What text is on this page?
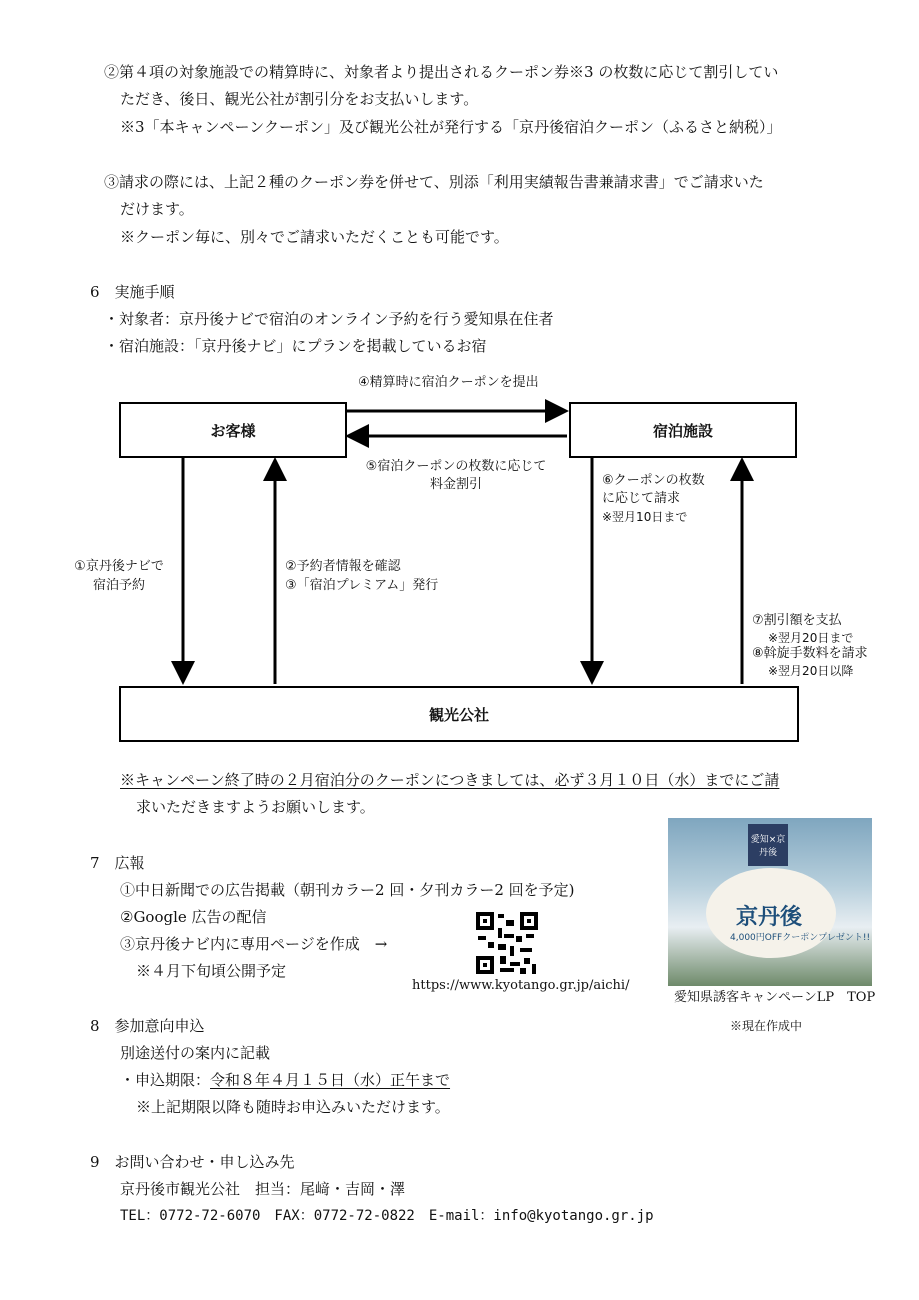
②第４項の対象施設での精算時に、対象者より提出されるクーポン券※3 の枚数に応じて割引してい
ただき、後日、観光公社が割引分をお支払いします。
※3「本キャンペーンクーポン」及び観光公社が発行する「京丹後宿泊クーポン（ふるさと納税）」
③請求の際には、上記２種のクーポン券を併せて、別添「利用実績報告書兼請求書」でご請求いた
だけます。
※クーポン毎に、別々でご請求いただくことも可能です。
6　実施手順
・対象者：京丹後ナビで宿泊のオンライン予約を行う愛知県在住者
・宿泊施設：「京丹後ナビ」にプランを掲載しているお宿
お客様	宿泊施設
観光公社
④精算時に宿泊クーポンを提出
⑤宿泊クーポンの枚数に応じて
料金割引
①京丹後ナビで
宿泊予約
②予約者情報を確認
③「宿泊プレミアム」発行
⑥クーポンの枚数
に応じて請求
※翌月10日まで
⑦割引額を支払
※翌月20日まで
⑧斡旋手数料を請求
※翌月20日以降
※キャンペーン終了時の２月宿泊分のクーポンにつきましては、必ず３月１０日（水）までにご請
求いただきますようお願いします。
7　広報
①中日新聞での広告掲載（朝刊カラー2 回・夕刊カラー2 回を予定)
②Google 広告の配信
③京丹後ナビ内に専用ページを作成　→
※４月下旬頃公開予定
https://www.kyotango.gr.jp/aichi/
愛知×京丹後
京丹後
4,000円OFFクーポンプレゼント!!
愛知県誘客キャンペーンLP　TOP
※現在作成中
8　参加意向申込
別途送付の案内に記載
・申込期限：令和８年４月１５日（水）正午まで
※上記期限以降も随時お申込みいただけます。
9　お問い合わせ・申し込み先
京丹後市観光公社　担当：尾﨑・吉岡・澤
TEL：0772-72-6070　FAX：0772-72-0822　E-mail：info@kyotango.gr.jp
